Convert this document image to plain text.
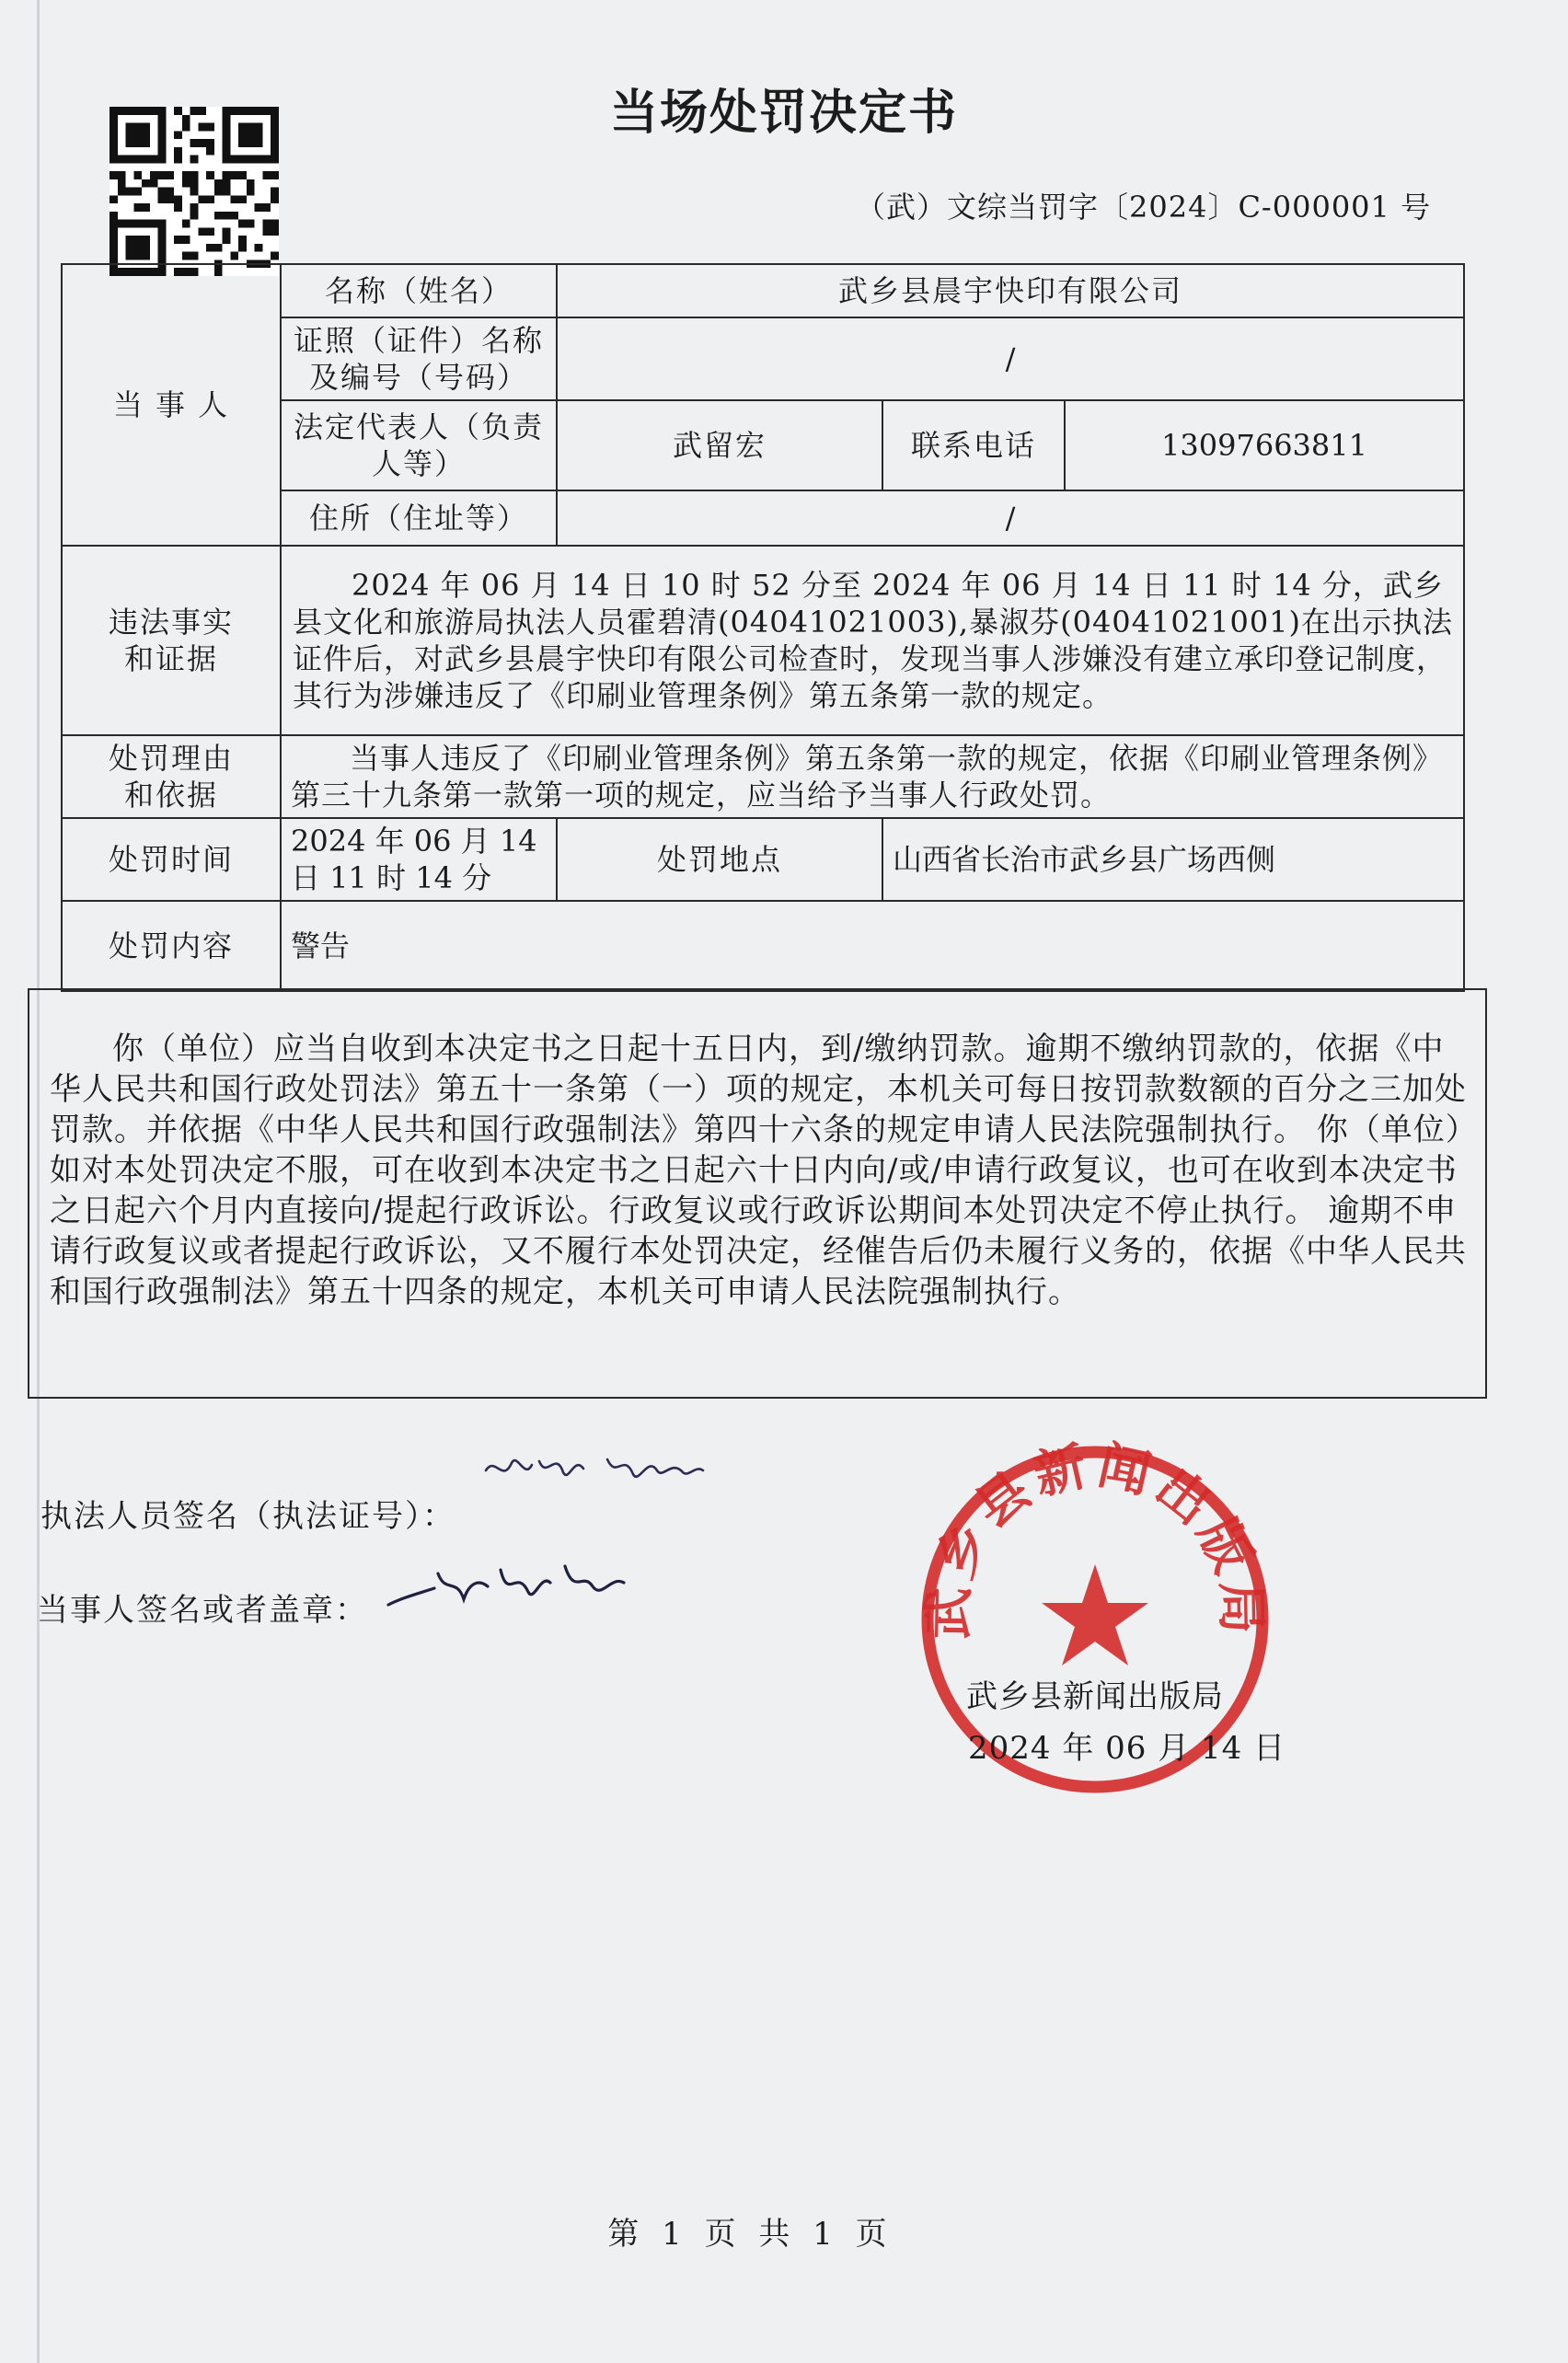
当场处罚决定书
（武）文综当罚字〔2024〕C-000001 号
当 事 人	名称（姓名）	武乡县晨宇快印有限公司		
	证照（证件）名称及编号（号码）	/		
	法定代表人（负责人等）	武留宏	联系电话	13097663811
	住所（住址等）	/		
违法事实和证据	2024 年 06 月 14 日 10 时 52 分至 2024 年 06 月 14 日 11 时 14 分，武乡县文化和旅游局执法人员霍碧清(04041021003),暴淑芬(04041021001)在出示执法证件后，对武乡县晨宇快印有限公司检查时，发现当事人涉嫌没有建立承印登记制度，其行为涉嫌违反了《印刷业管理条例》第五条第一款的规定。			
处罚理由和依据	当事人违反了《印刷业管理条例》第五条第一款的规定，依据《印刷业管理条例》第三十九条第一款第一项的规定，应当给予当事人行政处罚。			
处罚时间	2024 年 06 月 14 日 11 时 14 分	处罚地点	山西省长治市武乡县广场西侧	
处罚内容	警告			
你（单位）应当自收到本决定书之日起十五日内，到/缴纳罚款。逾期不缴纳罚款的，依据《中华人民共和国行政处罚法》第五十一条第（一）项的规定，本机关可每日按罚款数额的百分之三加处罚款。并依据《中华人民共和国行政强制法》第四十六条的规定申请人民法院强制执行。 你（单位）如对本处罚决定不服，可在收到本决定书之日起六十日内向/或/申请行政复议，也可在收到本决定书之日起六个月内直接向/提起行政诉讼。行政复议或行政诉讼期间本处罚决定不停止执行。 逾期不申请行政复议或者提起行政诉讼，又不履行本处罚决定，经催告后仍未履行义务的，依据《中华人民共和国行政强制法》第五十四条的规定，本机关可申请人民法院强制执行。
执法人员签名（执法证号）：
当事人签名或者盖章：	武乡县新闻出版局
武乡县新闻出版局
2024 年 06 月 14 日
第 1 页 共 1 页
